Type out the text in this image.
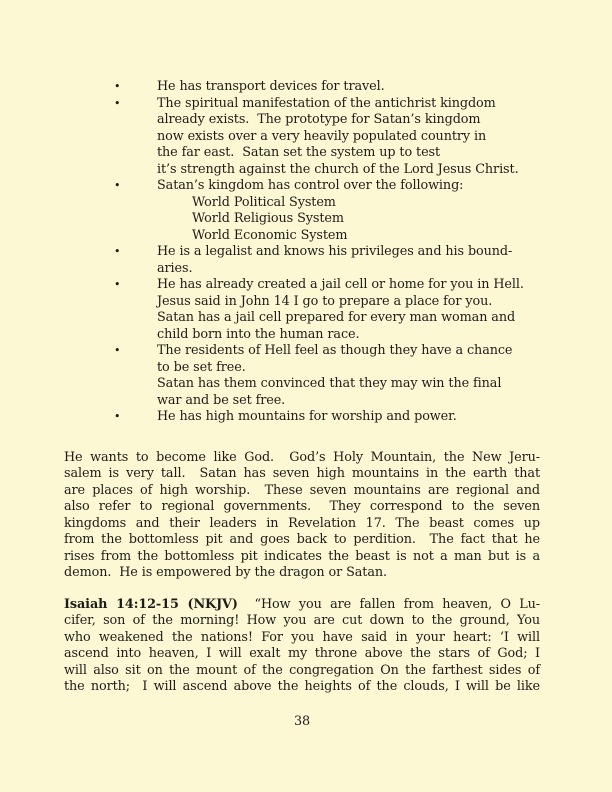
•	He has transport devices for travel.
•	The spiritual manifestation of the antichrist kingdom
already exists.  The prototype for Satan’s kingdom
now exists over a very heavily populated country in
the far east.  Satan set the system up to test
it’s strength against the church of the Lord Jesus Christ.
•	Satan’s kingdom has control over the following:
World Political System
World Religious System
World Economic System
•	He is a legalist and knows his privileges and his bound-
aries.
•	He has already created a jail cell or home for you in Hell.
Jesus said in John 14 I go to prepare a place for you.
Satan has a jail cell prepared for every man woman and
child born into the human race.
•	The residents of Hell feel as though they have a chance
to be set free.
Satan has them convinced that they may win the final
war and be set free.
•	He has high mountains for worship and power.
He wants to become like God.  God’s Holy Mountain, the New Jeru-
salem is very tall.  Satan has seven high mountains in the earth that
are places of high worship.  These seven mountains are regional and
also refer to regional governments.  They correspond to the seven
kingdoms and their leaders in Revelation 17. The beast comes up
from the bottomless pit and goes back to perdition.  The fact that he
rises from the bottomless pit indicates the beast is not a man but is a
demon.  He is empowered by the dragon or Satan.
Isaiah 14:12-15 (NKJV)  “How you are fallen from heaven, O Lu-
cifer, son of the morning! How you are cut down to the ground, You
who weakened the nations! For you have said in your heart: ‘I will
ascend into heaven, I will exalt my throne above the stars of God; I
will also sit on the mount of the congregation On the farthest sides of
the north;  I will ascend above the heights of the clouds, I will be like
38
